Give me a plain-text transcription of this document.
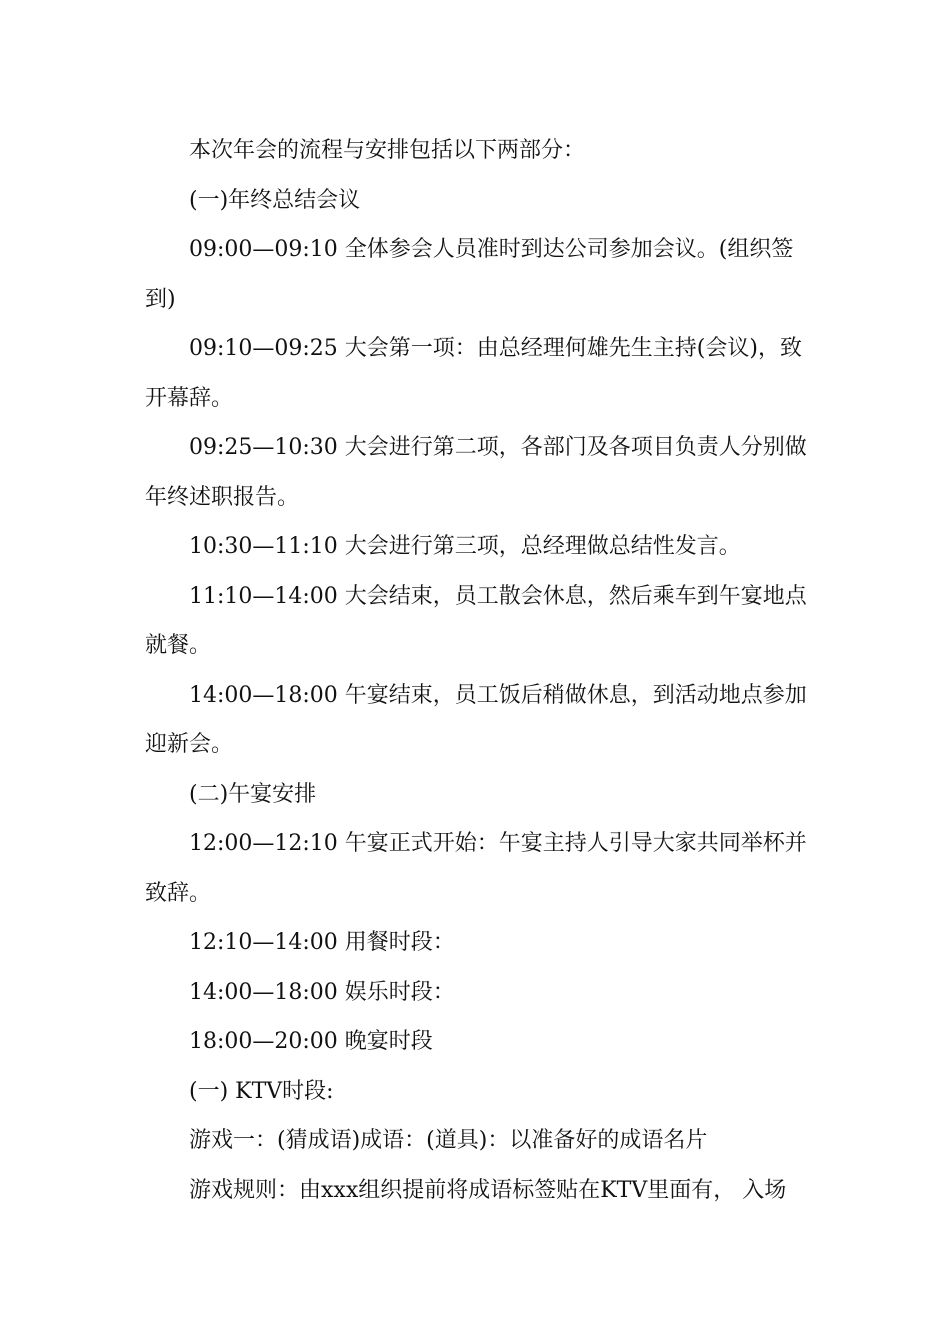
本次年会的流程与安排包括以下两部分：

(一)年终总结会议

09:00—09:10 全体参会人员准时到达公司参加会议。(组织签到)

09:10—09:25 大会第一项：由总经理何雄先生主持(会议)，致开幕辞。

09:25—10:30 大会进行第二项，各部门及各项目负责人分别做年终述职报告。

10:30—11:10 大会进行第三项，总经理做总结性发言。

11:10—14:00 大会结束，员工散会休息，然后乘车到午宴地点就餐。

14:00—18:00 午宴结束，员工饭后稍做休息，到活动地点参加迎新会。

(二)午宴安排

12:00—12:10 午宴正式开始：午宴主持人引导大家共同举杯并致辞。

12:10—14:00 用餐时段：

14:00—18:00 娱乐时段：

18:00—20:00 晚宴时段

(一) KTV时段:

游戏一：(猜成语)成语：(道具)：以准备好的成语名片

游戏规则：由xxx组织提前将成语标签贴在KTV里面有， 入场
